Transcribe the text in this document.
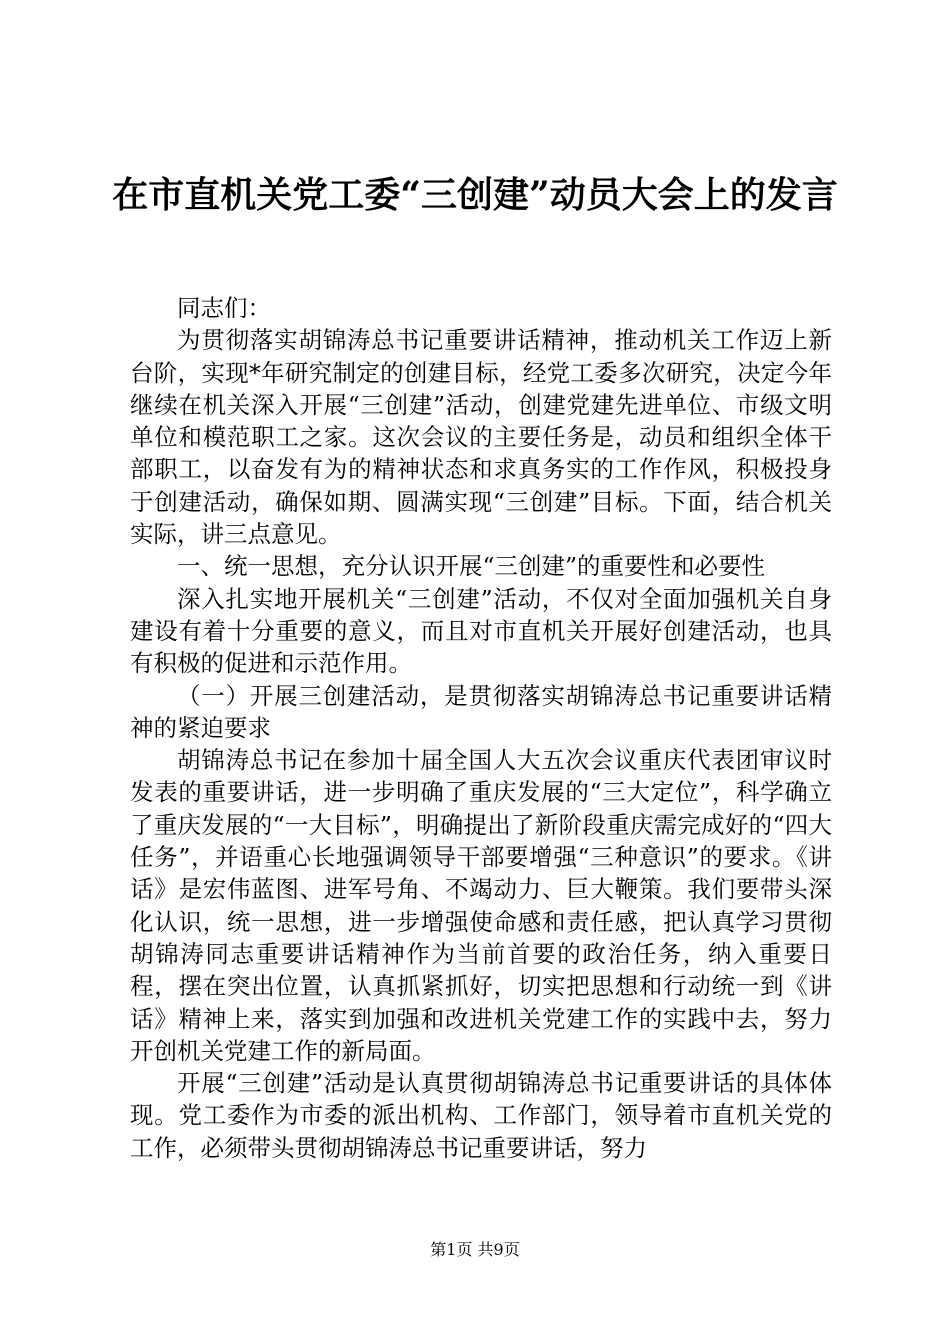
在市直机关党工委“三创建”动员大会上的发言

同志们：

为贯彻落实胡锦涛总书记重要讲话精神，推动机关工作迈上新台阶，实现*年研究制定的创建目标，经党工委多次研究，决定今年继续在机关深入开展“三创建”活动，创建党建先进单位、市级文明单位和模范职工之家。这次会议的主要任务是，动员和组织全体干部职工，以奋发有为的精神状态和求真务实的工作作风，积极投身于创建活动，确保如期、圆满实现“三创建”目标。下面，结合机关实际，讲三点意见。

一、统一思想，充分认识开展“三创建”的重要性和必要性

深入扎实地开展机关“三创建”活动，不仅对全面加强机关自身建设有着十分重要的意义，而且对市直机关开展好创建活动，也具有积极的促进和示范作用。

（一）开展三创建活动，是贯彻落实胡锦涛总书记重要讲话精神的紧迫要求

胡锦涛总书记在参加十届全国人大五次会议重庆代表团审议时发表的重要讲话，进一步明确了重庆发展的“三大定位”，科学确立了重庆发展的“一大目标”，明确提出了新阶段重庆需完成好的“四大任务”，并语重心长地强调领导干部要增强“三种意识”的要求。《讲话》是宏伟蓝图、进军号角、不竭动力、巨大鞭策。我们要带头深化认识，统一思想，进一步增强使命感和责任感，把认真学习贯彻胡锦涛同志重要讲话精神作为当前首要的政治任务，纳入重要日程，摆在突出位置，认真抓紧抓好，切实把思想和行动统一到《讲话》精神上来，落实到加强和改进机关党建工作的实践中去，努力开创机关党建工作的新局面。

开展“三创建”活动是认真贯彻胡锦涛总书记重要讲话的具体体现。党工委作为市委的派出机构、工作部门，领导着市直机关党的工作，必须带头贯彻胡锦涛总书记重要讲话，努力

第1页 共9页
